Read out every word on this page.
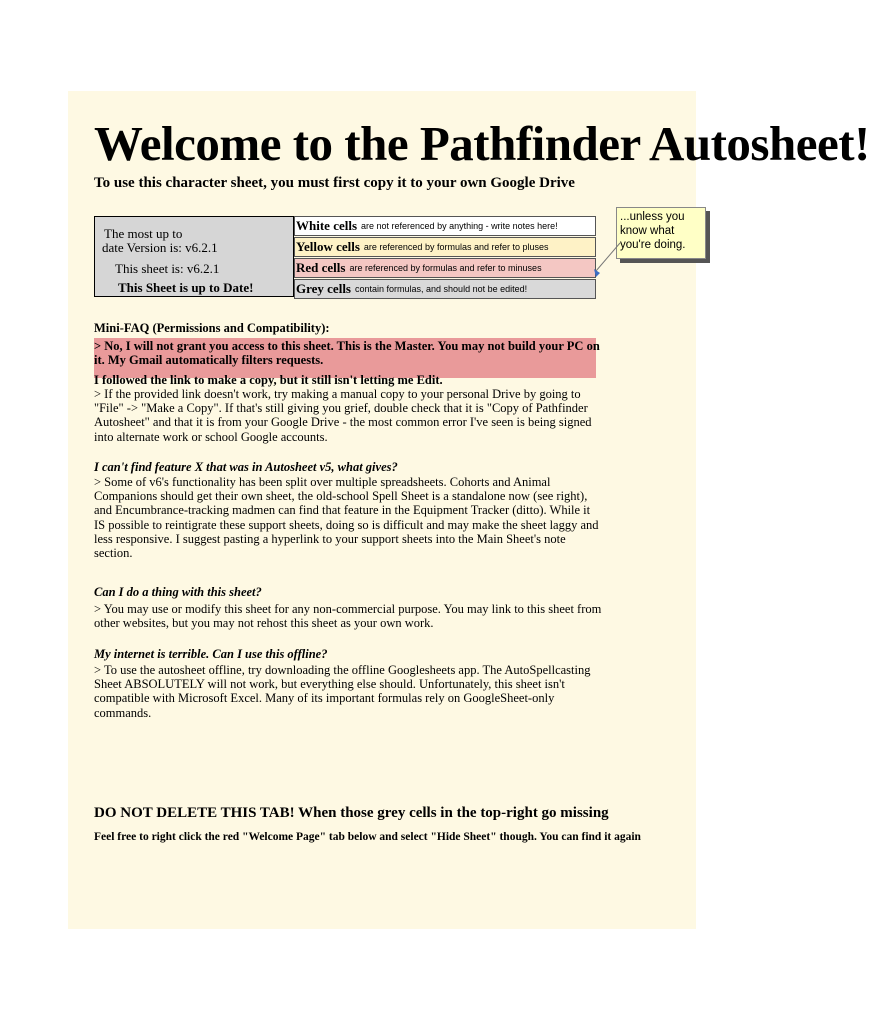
Welcome to the Pathfinder Autosheet!
To use this character sheet, you must first copy it to your own Google Drive
The most up to
date Version is: v6.2.1
This sheet is: v6.2.1
This Sheet is up to Date!
White cells are not referenced by anything - write notes here!
Yellow cells are referenced by formulas and refer to pluses
Red cells are referenced by formulas and refer to minuses
Grey cells contain formulas, and should not be edited!
...unless you know what you're doing.
Mini-FAQ (Permissions and Compatibility):
> No, I will not grant you access to this sheet. This is the Master. You may not build your PC on it. My Gmail automatically filters requests.
I followed the link to make a copy, but it still isn't letting me Edit.
> If the provided link doesn't work, try making a manual copy to your personal Drive by going to "File" -> "Make a Copy". If that's still giving you grief, double check that it is "Copy of Pathfinder Autosheet" and that it is from your Google Drive - the most common error I've seen is being signed into alternate work or school Google accounts.
I can't find feature X that was in Autosheet v5, what gives?
> Some of v6's functionality has been split over multiple spreadsheets. Cohorts and Animal Companions should get their own sheet, the old-school Spell Sheet is a standalone now (see right), and Encumbrance-tracking madmen can find that feature in the Equipment Tracker (ditto). While it IS possible to reintigrate these support sheets, doing so is difficult and may make the sheet laggy and less responsive. I suggest pasting a hyperlink to your support sheets into the Main Sheet's note section.
Can I do a thing with this sheet?
> You may use or modify this sheet for any non-commercial purpose. You may link to this sheet from other websites, but you may not rehost this sheet as your own work.
My internet is terrible. Can I use this offline?
> To use the autosheet offline, try downloading the offline Googlesheets app. The AutoSpellcasting Sheet ABSOLUTELY will not work, but everything else should. Unfortunately, this sheet isn't compatible with Microsoft Excel. Many of its important formulas rely on GoogleSheet-only commands.
DO NOT DELETE THIS TAB! When those grey cells in the top-right go missing
Feel free to right click the red "Welcome Page" tab below and select "Hide Sheet" though. You can find it again
